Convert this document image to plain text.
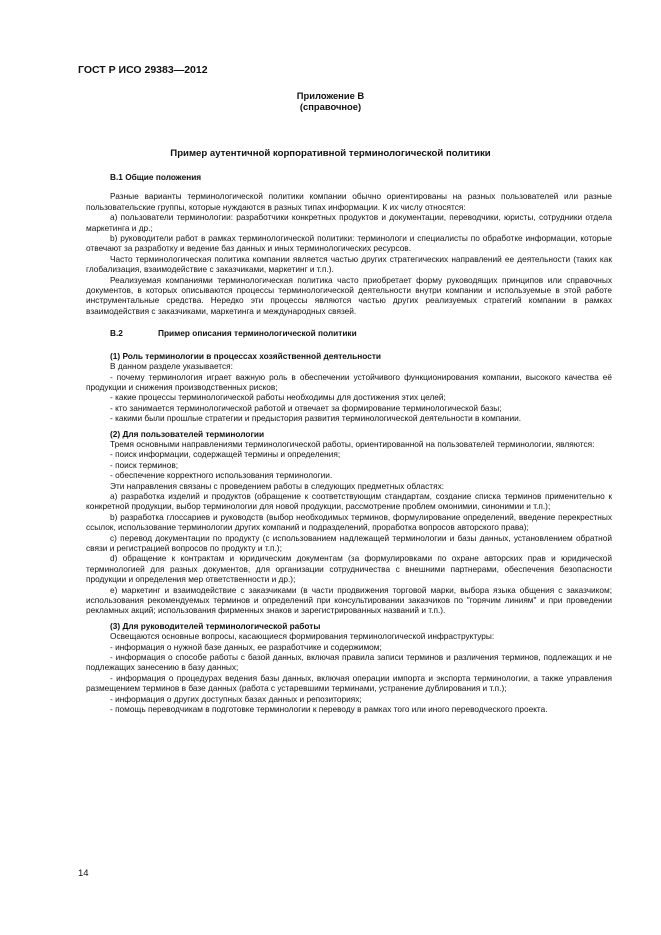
ГОСТ Р ИСО 29383—2012
Приложение B
(справочное)
Пример аутентичной корпоративной терминологической политики

B.1 Общие положения

Разные варианты терминологической политики компании обычно ориентированы на разных пользователей или разные пользовательские группы, которые нуждаются в разных типах информации. К их числу относятся:

а) пользователи терминологии: разработчики конкретных продуктов и документации, переводчики, юристы, сотрудники отдела маркетинга и др.;

b) руководители работ в рамках терминологической политики: терминологи и специалисты по обработке информации, которые отвечают за разработку и ведение баз данных и иных терминологических ресурсов.

Часто терминологическая политика компании является частью других стратегических направлений ее деятельности (таких как глобализация, взаимодействие с заказчиками, маркетинг и т.п.).

Реализуемая компаниями терминологическая политика часто приобретает форму руководящих принципов или справочных документов, в которых описываются процессы терминологической деятельности внутри компании и используемые в этой работе инструментальные средства. Нередко эти процессы являются частью других реализуемых стратегий компании в рамках взаимодействия с заказчиками, маркетинга и международных связей.

B.2	Пример описания терминологической политики

(1) Роль терминологии в процессах хозяйственной деятельности

В данном разделе указывается:

- почему терминология играет важную роль в обеспечении устойчивого функционирования компании, высокого качества её продукции и снижения производственных рисков;

- какие процессы терминологической работы необходимы для достижения этих целей;

- кто занимается терминологической работой и отвечает за формирование терминологической базы;

- какими были прошлые стратегии и предыстория развития терминологической деятельности в компании.

(2) Для пользователей терминологии

Тремя основными направлениями терминологической работы, ориентированной на пользователей терминологии, являются:

- поиск информации, содержащей термины и определения;

- поиск терминов;

- обеспечение корректного использования терминологии.

Эти направления связаны с проведением работы в следующих предметных областях:

а) разработка изделий и продуктов (обращение к соответствующим стандартам, создание списка терминов применительно к конкретной продукции, выбор терминологии для новой продукции, рассмотрение проблем омонимии, синонимии и т.п.);

b) разработка глоссариев и руководств (выбор необходимых терминов, формулирование определений, введение перекрестных ссылок, использование терминологии других компаний и подразделений, проработка вопросов авторского права);

c) перевод документации по продукту (с использованием надлежащей терминологии и базы данных, установлением обратной связи и регистрацией вопросов по продукту и т.п.);

d) обращение к контрактам и юридическим документам (за формулировками по охране авторских прав и юридической терминологией для разных документов, для организации сотрудничества с внешними партнерами, обеспечения безопасности продукции и определения мер ответственности и др.);

e) маркетинг и взаимодействие с заказчиками (в части продвижения торговой марки, выбора языка общения с заказчиком; использования рекомендуемых терминов и определений при консультировании заказчиков по "горячим линиям" и при проведении рекламных акций; использования фирменных знаков и зарегистрированных названий и т.п.).

(3) Для руководителей терминологической работы

Освещаются основные вопросы, касающиеся формирования терминологической инфраструктуры:

- информация о нужной базе данных, ее разработчике и содержимом;

- информация о способе работы с базой данных, включая правила записи терминов и различения терминов, подлежащих и не подлежащих занесению в базу данных;

- информация о процедурах ведения базы данных, включая операции импорта и экспорта терминологии, а также управления размещением терминов в базе данных (работа с устаревшими терминами, устранение дублирования и т.п.);

- информация о других доступных базах данных и репозиториях;

- помощь переводчикам в подготовке терминологии к переводу в рамках того или иного переводческого проекта.

14
